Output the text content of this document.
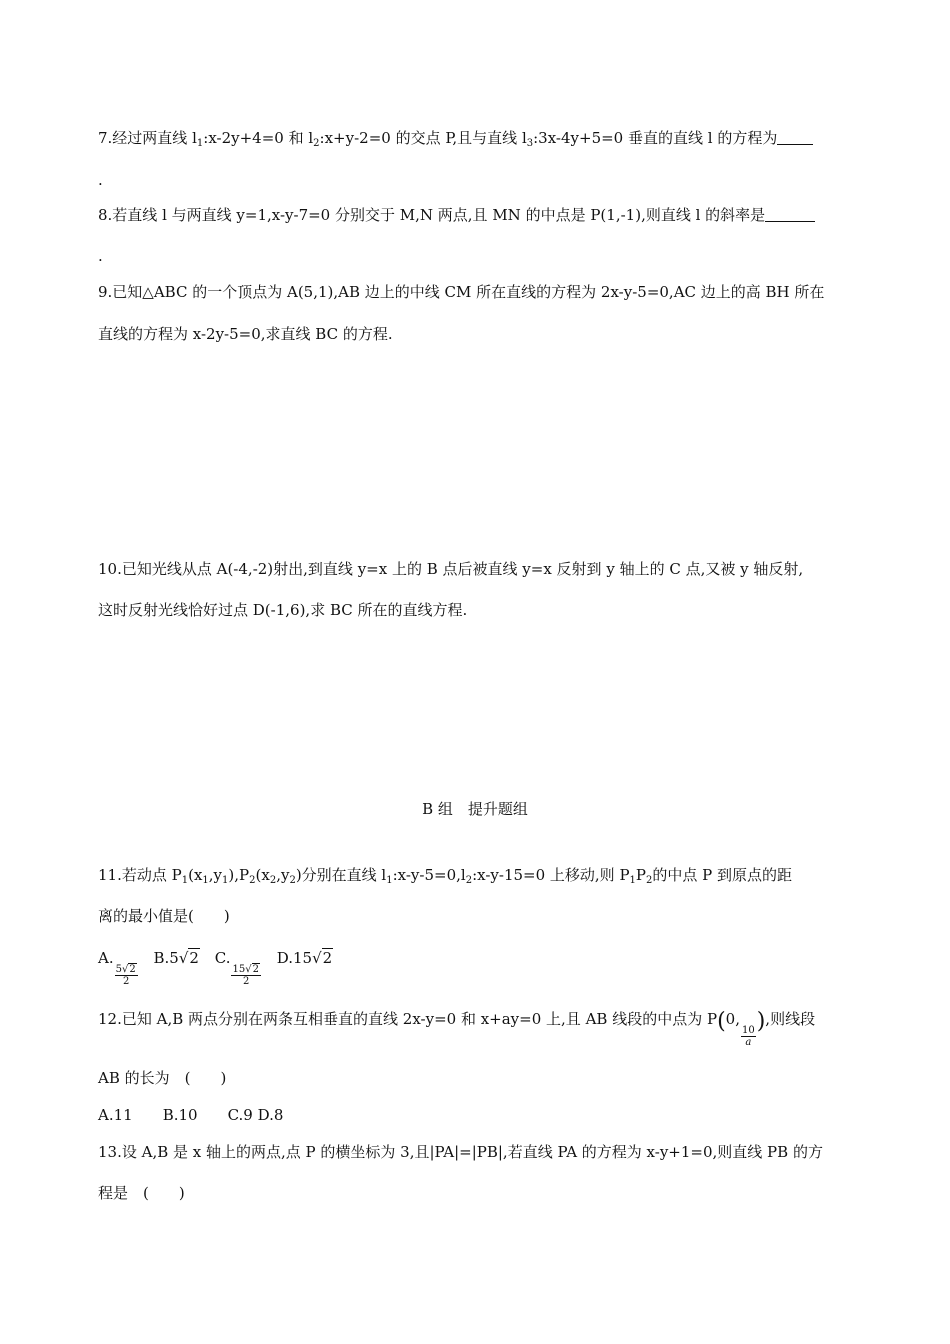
7.经过两直线 $l_1:x-2y+4=0$ 和 $l_2:x+y-2=0$ 的交点 P,且与直线 $l_3:3x-4y+5=0$ 垂直的直线 l 的方程为
.
8.若直线 l 与两直线 y=1,x-y-7=0 分别交于 M,N 两点,且 MN 的中点是 P(1,-1),则直线 l 的斜率是
.
9.已知△ABC 的一个顶点为 A(5,1),AB 边上的中线 CM 所在直线的方程为 2x-y-5=0,AC 边上的高 BH 所在
直线的方程为 x-2y-5=0,求直线 BC 的方程.
10.已知光线从点 A(-4,-2)射出,到直线 y=x 上的 B 点后被直线 y=x 反射到 y 轴上的 C 点,又被 y 轴反射,
这时反射光线恰好过点 D(-1,6),求 BC 所在的直线方程.
B 组　提升题组
11.若动点 $P_1(x_1,y_1),P_2(x_2,y_2)$分别在直线 $l_1:x-y-5=0,l_2:x-y-15=0$ 上移动,则 $P_1P_2$的中点 P 到原点的距
离的最小值是(　　)
A.
$\frac{5√2}{2}$
B.5√2 C.
$\frac{15√2}{2}$
D.15√2
12.已知 A,B 两点分别在两条互相垂直的直线 2x-y=0 和 x+ay=0 上,且 AB 线段的中点为 P(0,
$\frac{10}{a}$
),则线段
AB 的长为　(　　)
A.11　　B.10　　C.9 D.8
13.设 A,B 是 x 轴上的两点,点 P 的横坐标为 3,且|PA|=|PB|,若直线 PA 的方程为 x-y+1=0,则直线 PB 的方
程是　(　　)
